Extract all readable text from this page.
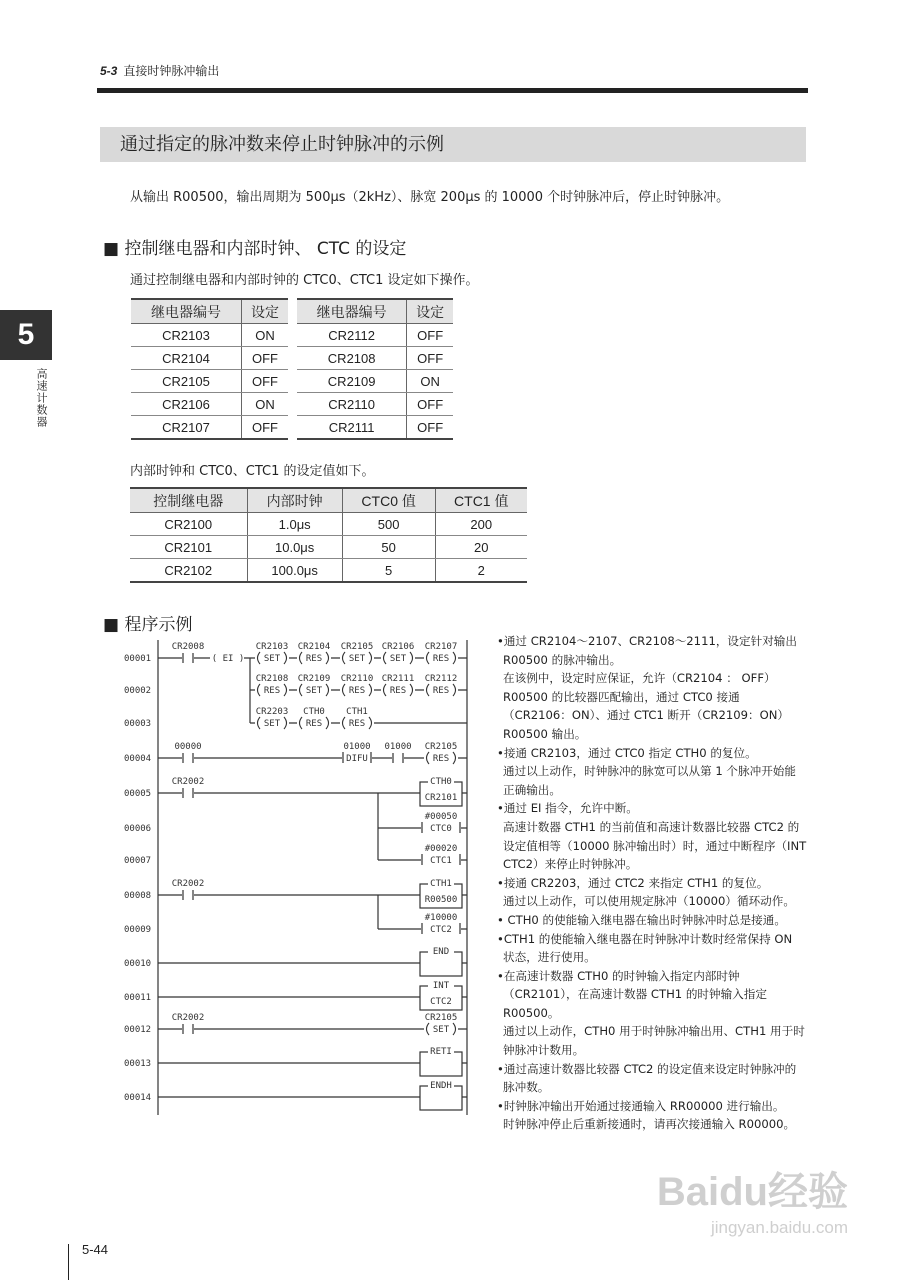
5-3 直接时钟脉冲输出
通过指定的脉冲数来停止时钟脉冲的示例
从输出 R00500，输出周期为 500μs（2kHz）、脉宽 200μs 的 10000 个时钟脉冲后，停止时钟脉冲。
■ 控制继电器和内部时钟、 CTC 的设定
通过控制继电器和内部时钟的 CTC0、CTC1 设定如下操作。
继电器编号	设定
CR2103	ON
CR2104	OFF
CR2105	OFF
CR2106	ON
CR2107	OFF
继电器编号	设定
CR2112	OFF
CR2108	OFF
CR2109	ON
CR2110	OFF
CR2111	OFF
内部时钟和 CTC0、CTC1 的设定值如下。
控制继电器	内部时钟	CTC0 值	CTC1 值
CR2100	1.0μs	500	200
CR2101	10.0μs	50	20
CR2102	100.0μs	5	2
■ 程序示例
00001
00002
00003
00004
00005
00006
00007
00008
00009
00010
00011
00012
00013
00014
CR2008
( EI ) SET
CR2103
RES
CR2104
SET
CR2105
SET
CR2106
RES
CR2107
RES
CR2108
SET
CR2109
RES
CR2110
RES
CR2111
RES
CR2112
SET
CR2203
RES
CTH0
RES
CTH1
00000
DIFU
01000 01000
RES
CR2105
CR2002	CTH0
CR2101
CTC0
#00050
CTC1
#00020
CR2002	CTH1
R00500
CTC2
#10000
END
INT
CTC2
CR2002
SET
CR2105
RETI
ENDH
•通过 CR2104～2107、CR2108～2111，设定针对输出 R00500 的脉冲输出。
在该例中，设定时应保证，允许（CR2104 ： OFF）R00500 的比较器匹配输出，通过 CTC0 接通（CR2106：ON）、通过 CTC1 断开（CR2109：ON）R00500 输出。
•接通 CR2103，通过 CTC0 指定 CTH0 的复位。
通过以上动作，时钟脉冲的脉宽可以从第 1 个脉冲开始能正确输出。
•通过 EI 指令，允许中断。
高速计数器 CTH1 的当前值和高速计数器比较器 CTC2 的设定值相等（10000 脉冲输出时）时，通过中断程序（INT CTC2）来停止时钟脉冲。
•接通 CR2203，通过 CTC2 来指定 CTH1 的复位。
通过以上动作，可以使用规定脉冲（10000）循环动作。
• CTH0 的使能输入继电器在输出时钟脉冲时总是接通。
•CTH1 的使能输入继电器在时钟脉冲计数时经常保持 ON 状态，进行使用。
•在高速计数器 CTH0 的时钟输入指定内部时钟（CR2101），在高速计数器 CTH1 的时钟输入指定 R00500。
通过以上动作，CTH0 用于时钟脉冲输出用、CTH1 用于时钟脉冲计数用。
•通过高速计数器比较器 CTC2 的设定值来设定时钟脉冲的脉冲数。
•时钟脉冲输出开始通过接通输入 RR00000 进行输出。
时钟脉冲停止后重新接通时，请再次接通输入 R00000。
5
高速计数器
5-44
Baidu经验
jingyan.baidu.com
